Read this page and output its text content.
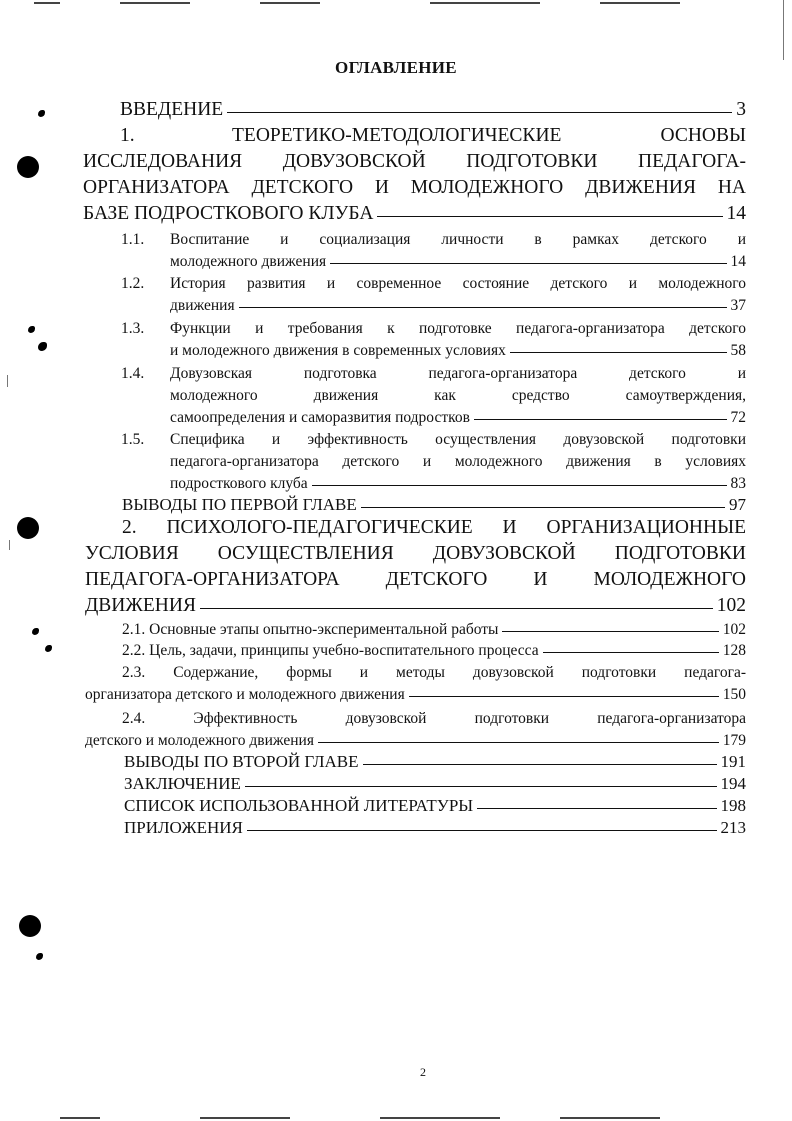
ОГЛАВЛЕНИЕ
ВВЕДЕНИЕ	3
1.	ТЕОРЕТИКО-МЕТОДОЛОГИЧЕСКИЕ ОСНОВЫ
ИССЛЕДОВАНИЯ ДОВУЗОВСКОЙ ПОДГОТОВКИ ПЕДАГОГА-
ОРГАНИЗАТОРА ДЕТСКОГО И МОЛОДЕЖНОГО ДВИЖЕНИЯ НА
БАЗЕ ПОДРОСТКОВОГО КЛУБА	14
1.1. Воспитание и социализация личности в рамках детского и
молодежного движения	14
1.2. История развития и современное состояние детского и молодежного
движения	37
1.3. Функции и требования к подготовке педагога-организатора детского
и молодежного движения в современных условиях	58
1.4. Довузовская подготовка педагога-организатора детского и
молодежного движения как средство самоутверждения,
самоопределения и саморазвития подростков	72
1.5. Специфика и эффективность осуществления довузовской подготовки
педагога-организатора детского и молодежного движения в условиях
подросткового клуба	83
ВЫВОДЫ ПО ПЕРВОЙ ГЛАВЕ	97
2. ПСИХОЛОГО-ПЕДАГОГИЧЕСКИЕ И ОРГАНИЗАЦИОННЫЕ
УСЛОВИЯ ОСУЩЕСТВЛЕНИЯ ДОВУЗОВСКОЙ ПОДГОТОВКИ
ПЕДАГОГА-ОРГАНИЗАТОРА ДЕТСКОГО И МОЛОДЕЖНОГО
ДВИЖЕНИЯ	102
2.1. Основные этапы опытно-экспериментальной работы	102
2.2. Цель, задачи, принципы учебно-воспитательного процесса	128
2.3. Содержание, формы и методы довузовской подготовки педагога-
организатора детского и молодежного движения	150
2.4. Эффективность довузовской подготовки педагога-организатора
детского и молодежного движения	179
ВЫВОДЫ ПО ВТОРОЙ ГЛАВЕ	191
ЗАКЛЮЧЕНИЕ	194
СПИСОК ИСПОЛЬЗОВАННОЙ ЛИТЕРАТУРЫ	198
ПРИЛОЖЕНИЯ	213
2
